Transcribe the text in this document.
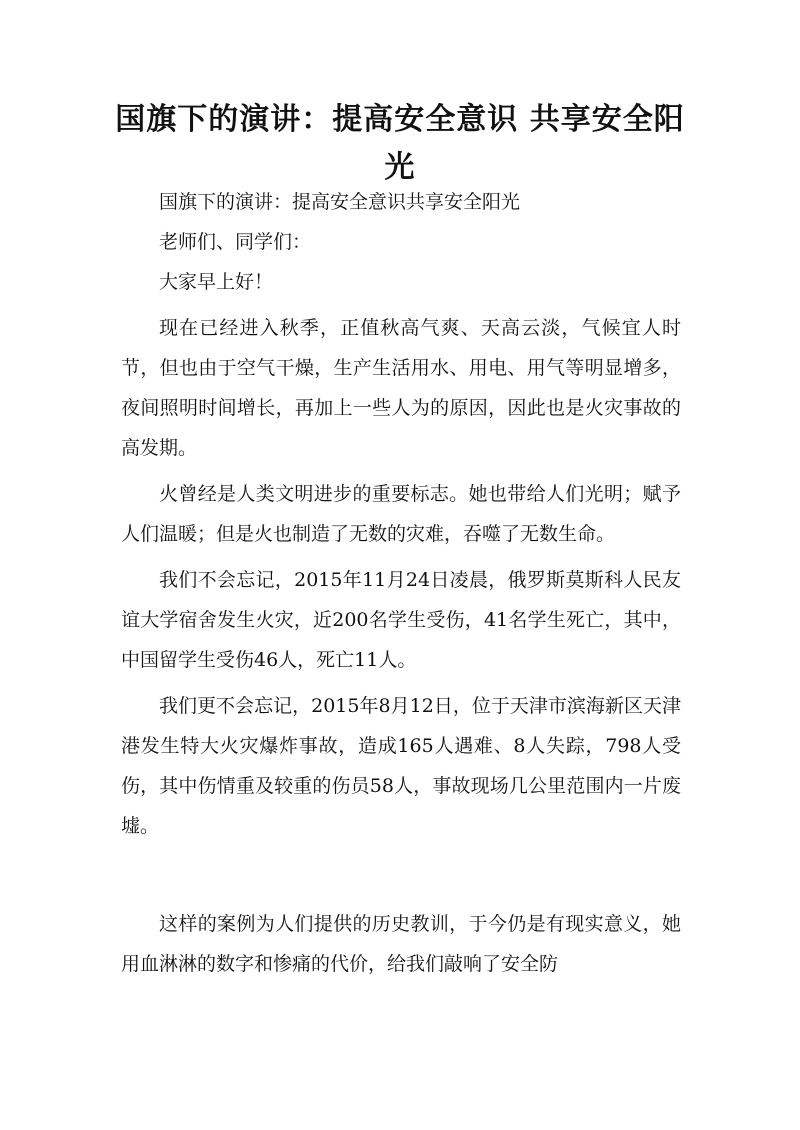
国旗下的演讲：提高安全意识 共享安全阳光

国旗下的演讲：提高安全意识共享安全阳光

老师们、同学们：

大家早上好！

现在已经进入秋季，正值秋高气爽、天高云淡，气候宜人时节，但也由于空气干燥，生产生活用水、用电、用气等明显增多，夜间照明时间增长，再加上一些人为的原因，因此也是火灾事故的高发期。

火曾经是人类文明进步的重要标志。她也带给人们光明；赋予人们温暖；但是火也制造了无数的灾难，吞噬了无数生命。

我们不会忘记，2015年11月24日凌晨，俄罗斯莫斯科人民友谊大学宿舍发生火灾，近200名学生受伤，41名学生死亡，其中，中国留学生受伤46人，死亡11人。

我们更不会忘记，2015年8月12日，位于天津市滨海新区天津港发生特大火灾爆炸事故，造成165人遇难、8人失踪，798人受伤，其中伤情重及较重的伤员58人，事故现场几公里范围内一片废墟。

这样的案例为人们提供的历史教训，于今仍是有现实意义，她用血淋淋的数字和惨痛的代价，给我们敲响了安全防
